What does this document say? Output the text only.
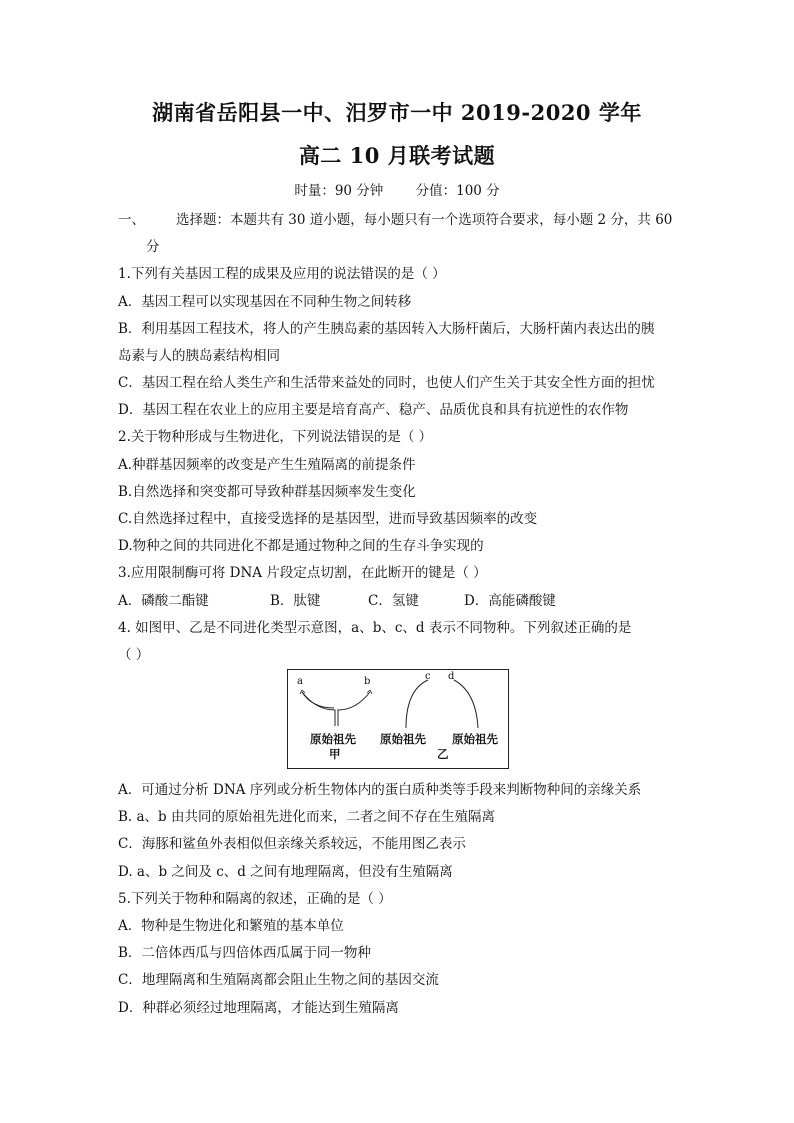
湖南省岳阳县一中、汨罗市一中 2019-2020 学年
高二 10 月联考试题
时量：90 分钟 分值：100 分
一、 选择题：本题共有 30 道小题，每小题只有一个选项符合要求，每小题 2 分，共 60
分
1.下列有关基因工程的成果及应用的说法错误的是（ ）
A．基因工程可以实现基因在不同种生物之间转移
B．利用基因工程技术，将人的产生胰岛素的基因转入大肠杆菌后，大肠杆菌内表达出的胰
岛素与人的胰岛素结构相同
C．基因工程在给人类生产和生活带来益处的同时，也使人们产生关于其安全性方面的担忧
D．基因工程在农业上的应用主要是培育高产、稳产、品质优良和具有抗逆性的农作物
2.关于物种形成与生物进化，下列说法错误的是（ ）
A.种群基因频率的改变是产生生殖隔离的前提条件
B.自然选择和突变都可导致种群基因频率发生变化
C.自然选择过程中，直接受选择的是基因型，进而导致基因频率的改变
D.物种之间的共同进化不都是通过物种之间的生存斗争实现的
3.应用限制酶可将 DNA 片段定点切割，在此断开的键是（ ）
A．磷酸二酯键	B．肽键	C．氢键	D．高能磷酸键
4. 如图甲、乙是不同进化类型示意图，a、b、c、d 表示不同物种。下列叙述正确的是
（ ）
a	b	c d
原始祖先 原始祖先 原始祖先
甲	乙
A．可通过分析 DNA 序列或分析生物体内的蛋白质种类等手段来判断物种间的亲缘关系
B. a、b 由共同的原始祖先进化而来，二者之间不存在生殖隔离
C．海豚和鲨鱼外表相似但亲缘关系较远，不能用图乙表示
D. a、b 之间及 c、d 之间有地理隔离，但没有生殖隔离
5.下列关于物种和隔离的叙述，正确的是（ ）
A．物种是生物进化和繁殖的基本单位
B．二倍体西瓜与四倍体西瓜属于同一物种
C．地理隔离和生殖隔离都会阻止生物之间的基因交流
D．种群必须经过地理隔离，才能达到生殖隔离
